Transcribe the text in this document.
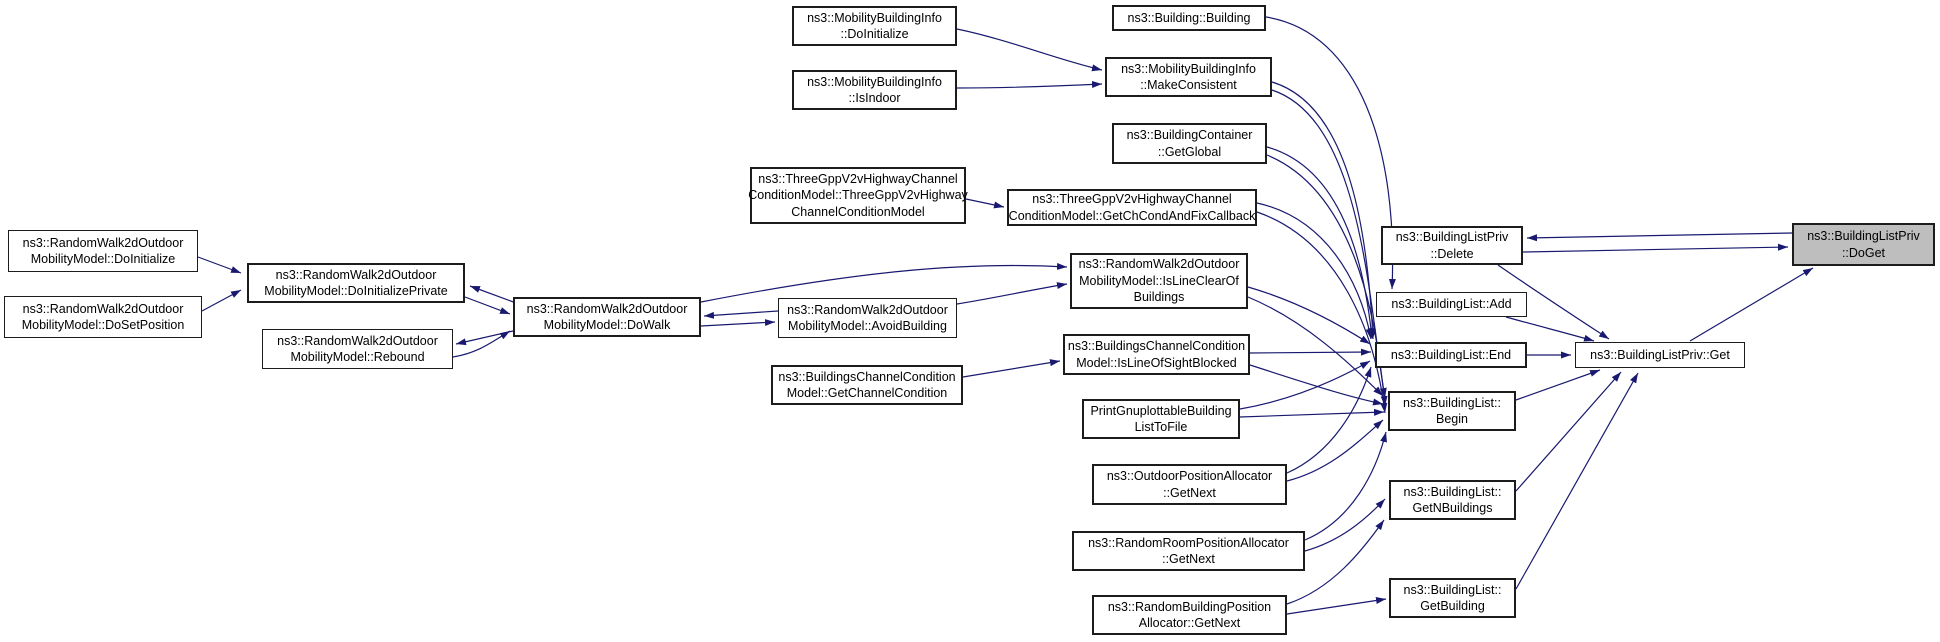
ns3::RandomWalk2dOutdoor
MobilityModel::DoInitialize
ns3::RandomWalk2dOutdoor
MobilityModel::DoSetPosition
ns3::RandomWalk2dOutdoor
MobilityModel::DoInitializePrivate
ns3::RandomWalk2dOutdoor
MobilityModel::Rebound
ns3::RandomWalk2dOutdoor
MobilityModel::DoWalk
ns3::RandomWalk2dOutdoor
MobilityModel::AvoidBuilding
ns3::MobilityBuildingInfo
::DoInitialize
ns3::MobilityBuildingInfo
::IsIndoor
ns3::Building::Building
ns3::MobilityBuildingInfo
::MakeConsistent
ns3::BuildingContainer
::GetGlobal
ns3::ThreeGppV2vHighwayChannel
ConditionModel::ThreeGppV2vHighway
ChannelConditionModel
ns3::ThreeGppV2vHighwayChannel
ConditionModel::GetChCondAndFixCallback
ns3::RandomWalk2dOutdoor
MobilityModel::IsLineClearOf
Buildings
ns3::BuildingsChannelCondition
Model::IsLineOfSightBlocked
ns3::BuildingsChannelCondition
Model::GetChannelCondition
PrintGnuplottableBuilding
ListToFile
ns3::OutdoorPositionAllocator
::GetNext
ns3::RandomRoomPositionAllocator
::GetNext
ns3::RandomBuildingPosition
Allocator::GetNext
ns3::BuildingListPriv
::Delete
ns3::BuildingList::Add
ns3::BuildingList::End
ns3::BuildingList::
Begin
ns3::BuildingList::
GetNBuildings
ns3::BuildingList::
GetBuilding
ns3::BuildingListPriv::Get
ns3::BuildingListPriv
::DoGet
